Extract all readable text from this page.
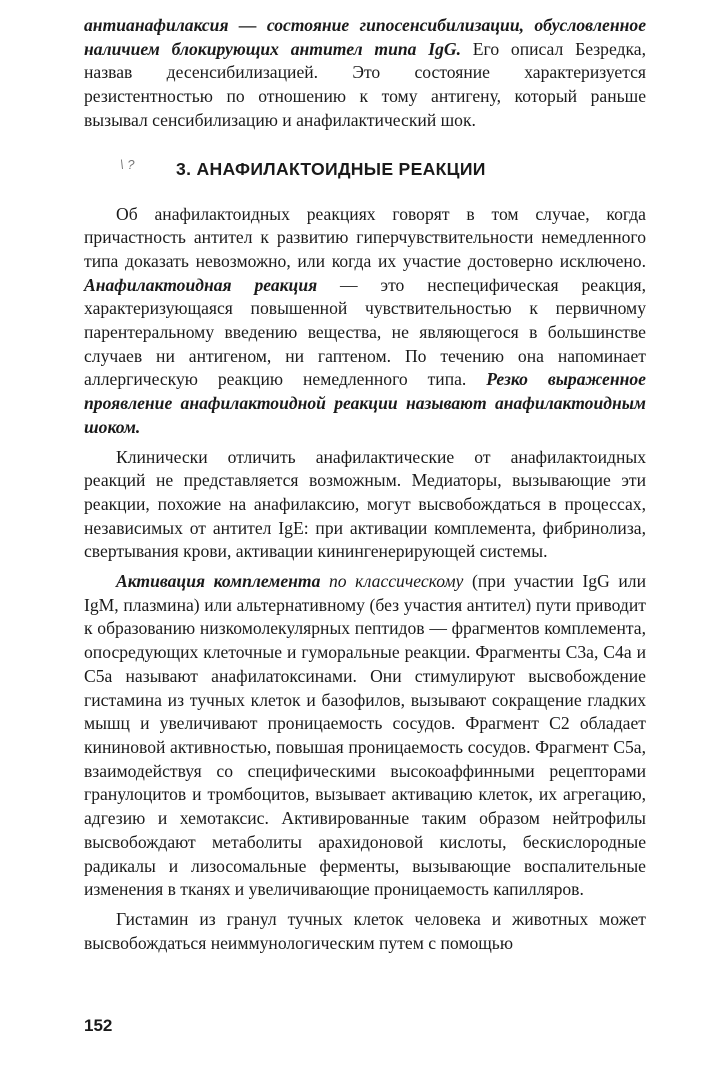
антианафилаксия — состояние гипосенсибилизации, обусловленное наличием блокирующих антител типа IgG. Его описал Безредка, назвав десенсибилизацией. Это состояние характеризуется резистентностью по отношению к тому антигену, который раньше вызывал сенсибилизацию и анафилактический шок.

\ ? 3. АНАФИЛАКТОИДНЫЕ РЕАКЦИИ

Об анафилактоидных реакциях говорят в том случае, когда причастность антител к развитию гиперчувствительности немедленного типа доказать невозможно, или когда их участие достоверно исключено. Анафилактоидная реакция — это неспецифическая реакция, характеризующаяся повышенной чувствительностью к первичному парентеральному введению вещества, не являющегося в большинстве случаев ни антигеном, ни гаптеном. По течению она напоминает аллергическую реакцию немедленного типа. Резко выраженное проявление анафилактоидной реакции называют анафилактоидным шоком.

Клинически отличить анафилактические от анафилактоидных реакций не представляется возможным. Медиаторы, вызывающие эти реакции, похожие на анафилаксию, могут высвобождаться в процессах, независимых от антител IgE: при активации комплемента, фибринолиза, свертывания крови, активации кинингенерирующей системы.

Активация комплемента по классическому (при участии IgG или IgM, плазмина) или альтернативному (без участия антител) пути приводит к образованию низкомолекулярных пептидов — фрагментов комплемента, опосредующих клеточные и гуморальные реакции. Фрагменты C3a, C4a и C5a называют анафилатоксинами. Они стимулируют высвобождение гистамина из тучных клеток и базофилов, вызывают сокращение гладких мышц и увеличивают проницаемость сосудов. Фрагмент C2 обладает кининовой активностью, повышая проницаемость сосудов. Фрагмент C5a, взаимодействуя со специфическими высокоаффинными рецепторами гранулоцитов и тромбоцитов, вызывает активацию клеток, их агрегацию, адгезию и хемотаксис. Активированные таким образом нейтрофилы высвобождают метаболиты арахидоновой кислоты, бескислородные радикалы и лизосомальные ферменты, вызывающие воспалительные изменения в тканях и увеличивающие проницаемость капилляров.

Гистамин из гранул тучных клеток человека и животных может высвобождаться неиммунологическим путем с помощью

152
